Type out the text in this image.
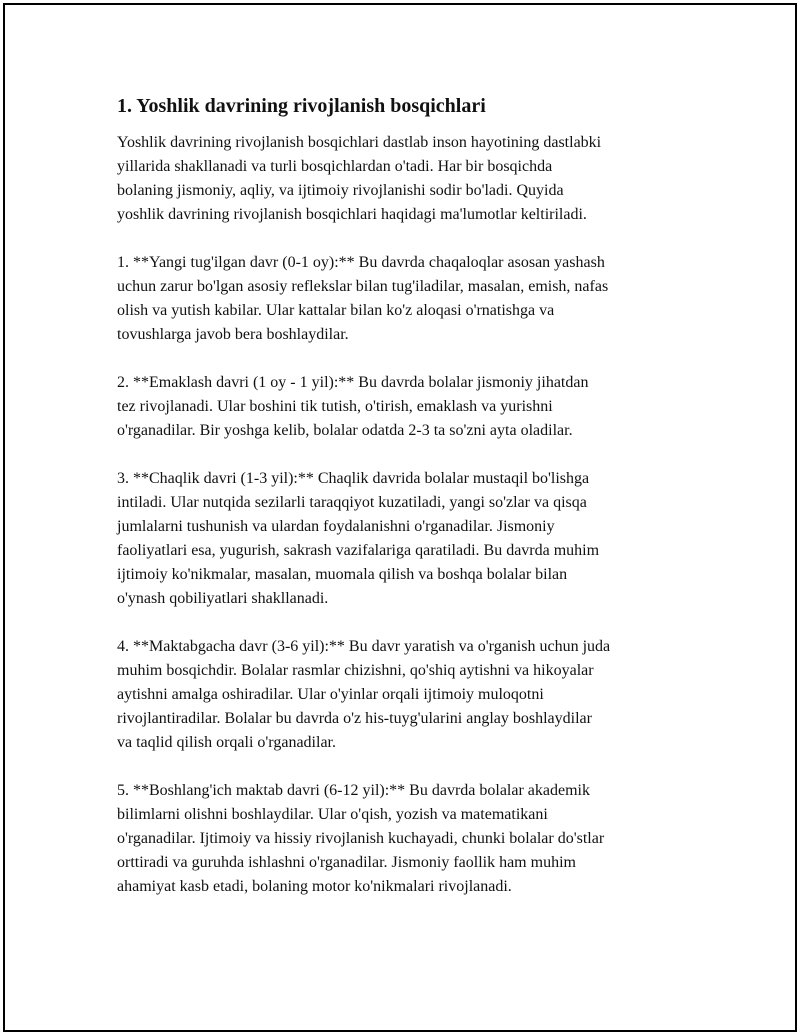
1. Yoshlik davrining rivojlanish bosqichlari

Yoshlik davrining rivojlanish bosqichlari dastlab inson hayotining dastlabki
yillarida shakllanadi va turli bosqichlardan o'tadi. Har bir bosqichda
bolaning jismoniy, aqliy, va ijtimoiy rivojlanishi sodir bo'ladi. Quyida
yoshlik davrining rivojlanish bosqichlari haqidagi ma'lumotlar keltiriladi.

1. **Yangi tug'ilgan davr (0-1 oy):** Bu davrda chaqaloqlar asosan yashash
uchun zarur bo'lgan asosiy reflekslar bilan tug'iladilar, masalan, emish, nafas
olish va yutish kabilar. Ular kattalar bilan ko'z aloqasi o'rnatishga va
tovushlarga javob bera boshlaydilar.

2. **Emaklash davri (1 oy - 1 yil):** Bu davrda bolalar jismoniy jihatdan
tez rivojlanadi. Ular boshini tik tutish, o'tirish, emaklash va yurishni
o'rganadilar. Bir yoshga kelib, bolalar odatda 2-3 ta so'zni ayta oladilar.

3. **Chaqlik davri (1-3 yil):** Chaqlik davrida bolalar mustaqil bo'lishga
intiladi. Ular nutqida sezilarli taraqqiyot kuzatiladi, yangi so'zlar va qisqa
jumlalarni tushunish va ulardan foydalanishni o'rganadilar. Jismoniy
faoliyatlari esa, yugurish, sakrash vazifalariga qaratiladi. Bu davrda muhim
ijtimoiy ko'nikmalar, masalan, muomala qilish va boshqa bolalar bilan
o'ynash qobiliyatlari shakllanadi.

4. **Maktabgacha davr (3-6 yil):** Bu davr yaratish va o'rganish uchun juda
muhim bosqichdir. Bolalar rasmlar chizishni, qo'shiq aytishni va hikoyalar
aytishni amalga oshiradilar. Ular o'yinlar orqali ijtimoiy muloqotni
rivojlantiradilar. Bolalar bu davrda o'z his-tuyg'ularini anglay boshlaydilar
va taqlid qilish orqali o'rganadilar.

5. **Boshlang'ich maktab davri (6-12 yil):** Bu davrda bolalar akademik
bilimlarni olishni boshlaydilar. Ular o'qish, yozish va matematikani
o'rganadilar. Ijtimoiy va hissiy rivojlanish kuchayadi, chunki bolalar do'stlar
orttiradi va guruhda ishlashni o'rganadilar. Jismoniy faollik ham muhim
ahamiyat kasb etadi, bolaning motor ko'nikmalari rivojlanadi.
